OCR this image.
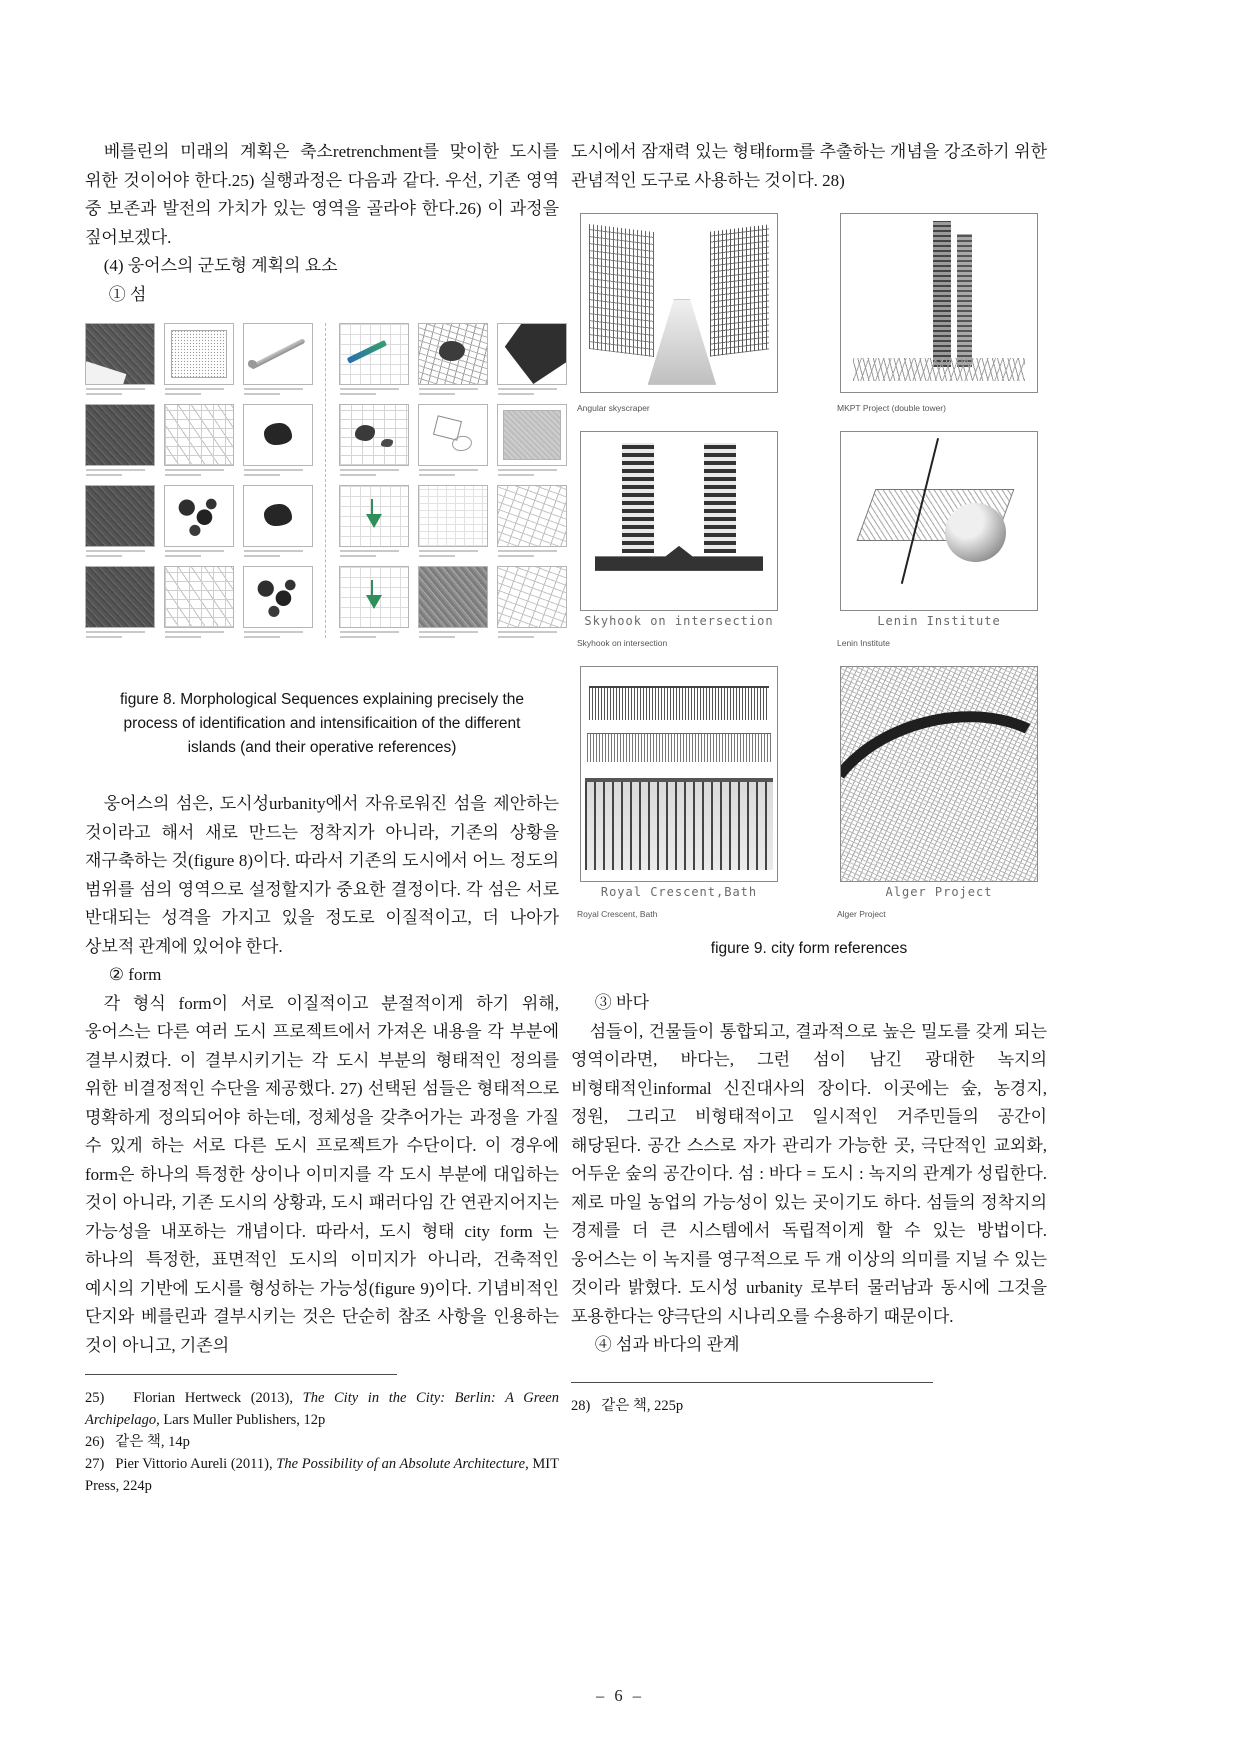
베를린의 미래의 계획은 축소retrenchment를 맞이한 도시를 위한 것이어야 한다.25) 실행과정은 다음과 같다. 우선, 기존 영역 중 보존과 발전의 가치가 있는 영역을 골라야 한다.26) 이 과정을 짚어보겠다.

(4) 웅어스의 군도형 계획의 요소

① 섬

figure 8. Morphological Sequences explaining precisely the process of identification and intensificaition of the different islands (and their operative references)

웅어스의 섬은, 도시성urbanity에서 자유로워진 섬을 제안하는 것이라고 해서 새로 만드는 정착지가 아니라, 기존의 상황을 재구축하는 것(figure 8)이다. 따라서 기존의 도시에서 어느 정도의 범위를 섬의 영역으로 설정할지가 중요한 결정이다. 각 섬은 서로 반대되는 성격을 가지고 있을 정도로 이질적이고, 더 나아가 상보적 관계에 있어야 한다.

② form

각 형식 form이 서로 이질적이고 분절적이게 하기 위해, 웅어스는 다른 여러 도시 프로젝트에서 가져온 내용을 각 부분에 결부시켰다. 이 결부시키기는 각 도시 부분의 형태적인 정의를 위한 비결정적인 수단을 제공했다. 27) 선택된 섬들은 형태적으로 명확하게 정의되어야 하는데, 정체성을 갖추어가는 과정을 가질 수 있게 하는 서로 다른 도시 프로젝트가 수단이다. 이 경우에 form은 하나의 특정한 상이나 이미지를 각 도시 부분에 대입하는 것이 아니라, 기존 도시의 상황과, 도시 패러다임 간 연관지어지는 가능성을 내포하는 개념이다. 따라서, 도시 형태 city form 는 하나의 특정한, 표면적인 도시의 이미지가 아니라, 건축적인 예시의 기반에 도시를 형성하는 가능성(figure 9)이다. 기념비적인 단지와 베를린과 결부시키는 것은 단순히 참조 사항을 인용하는 것이 아니고, 기존의

25) Florian Hertweck (2013), The City in the City: Berlin: A Green Archipelago, Lars Muller Publishers, 12p

26) 같은 책, 14p

27) Pier Vittorio Aureli (2011), The Possibility of an Absolute Architecture, MIT Press, 224p

도시에서 잠재력 있는 형태form를 추출하는 개념을 강조하기 위한 관념적인 도구로 사용하는 것이다. 28)

Angular skyscraper	MKPT Project (double tower)
Skyhook on intersection
Skyhook on intersection
Lenin Institute
Lenin Institute
Royal Crescent,Bath
Royal Crescent, Bath
Alger Project
Alger Project
figure 9. city form references

③ 바다

섬들이, 건물들이 통합되고, 결과적으로 높은 밀도를 갖게 되는 영역이라면, 바다는, 그런 섬이 남긴 광대한 녹지의 비형태적인informal 신진대사의 장이다. 이곳에는 숲, 농경지, 정원, 그리고 비형태적이고 일시적인 거주민들의 공간이 해당된다. 공간 스스로 자가 관리가 가능한 곳, 극단적인 교외화, 어두운 숲의 공간이다. 섬 : 바다 = 도시 : 녹지의 관계가 성립한다. 제로 마일 농업의 가능성이 있는 곳이기도 하다. 섬들의 정착지의 경제를 더 큰 시스템에서 독립적이게 할 수 있는 방법이다. 웅어스는 이 녹지를 영구적으로 두 개 이상의 의미를 지닐 수 있는 것이라 밝혔다. 도시성 urbanity 로부터 물러남과 동시에 그것을 포용한다는 양극단의 시나리오를 수용하기 때문이다.

④ 섬과 바다의 관계

28) 같은 책, 225p

– 6 –
